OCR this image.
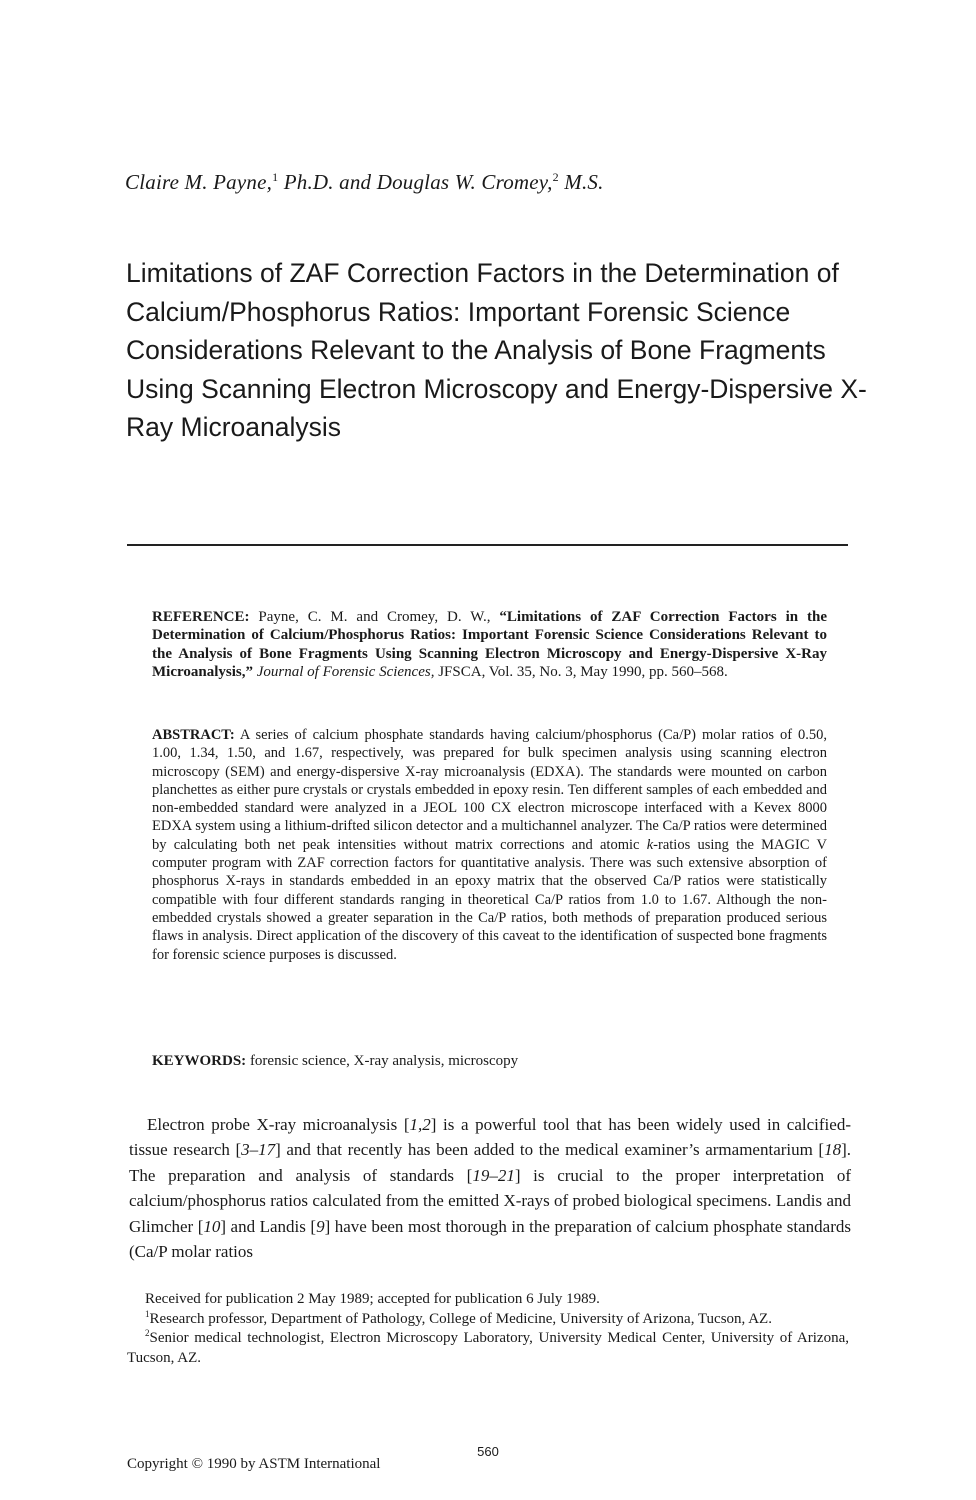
Claire M. Payne,$^1$ Ph.D. and Douglas W. Cromey,$^2$ M.S.
Limitations of ZAF Correction Factors in the Determination of Calcium/Phosphorus Ratios: Important Forensic Science Considerations Relevant to the Analysis of Bone Fragments Using Scanning Electron Microscopy and Energy-Dispersive X-Ray Microanalysis
REFERENCE: Payne, C. M. and Cromey, D. W., “Limitations of ZAF Correction Factors in the Determination of Calcium/Phosphorus Ratios: Important Forensic Science Considerations Relevant to the Analysis of Bone Fragments Using Scanning Electron Microscopy and Energy-Dispersive X-Ray Microanalysis,” Journal of Forensic Sciences, JFSCA, Vol. 35, No. 3, May 1990, pp. 560–568.
ABSTRACT: A series of calcium phosphate standards having calcium/phosphorus (Ca/P) molar ratios of 0.50, 1.00, 1.34, 1.50, and 1.67, respectively, was prepared for bulk specimen analysis using scanning electron microscopy (SEM) and energy-dispersive X-ray microanalysis (EDXA). The standards were mounted on carbon planchettes as either pure crystals or crystals embedded in epoxy resin. Ten different samples of each embedded and non-embedded standard were analyzed in a JEOL 100 CX electron microscope interfaced with a Kevex 8000 EDXA system using a lithium-drifted silicon detector and a multichannel analyzer. The Ca/P ratios were determined by calculating both net peak intensities without matrix corrections and atomic k-ratios using the MAGIC V computer program with ZAF correction factors for quantitative analysis. There was such extensive absorption of phosphorus X-rays in standards embedded in an epoxy matrix that the observed Ca/P ratios were statistically compatible with four different standards ranging in theoretical Ca/P ratios from 1.0 to 1.67. Although the non-embedded crystals showed a greater separation in the Ca/P ratios, both methods of preparation produced serious flaws in analysis. Direct application of the discovery of this caveat to the identification of suspected bone fragments for forensic science purposes is discussed.
KEYWORDS: forensic science, X-ray analysis, microscopy
Electron probe X-ray microanalysis [1,2] is a powerful tool that has been widely used in calcified-tissue research [3–17] and that recently has been added to the medical examiner’s armamentarium [18]. The preparation and analysis of standards [19–21] is crucial to the proper interpretation of calcium/phosphorus ratios calculated from the emitted X-rays of probed biological specimens. Landis and Glimcher [10] and Landis [9] have been most thorough in the preparation of calcium phosphate standards (Ca/P molar ratios

Received for publication 2 May 1989; accepted for publication 6 July 1989.

$^1$Research professor, Department of Pathology, College of Medicine, University of Arizona, Tucson, AZ.

$^2$Senior medical technologist, Electron Microscopy Laboratory, University Medical Center, University of Arizona, Tucson, AZ.

560
Copyright © 1990 by ASTM International
